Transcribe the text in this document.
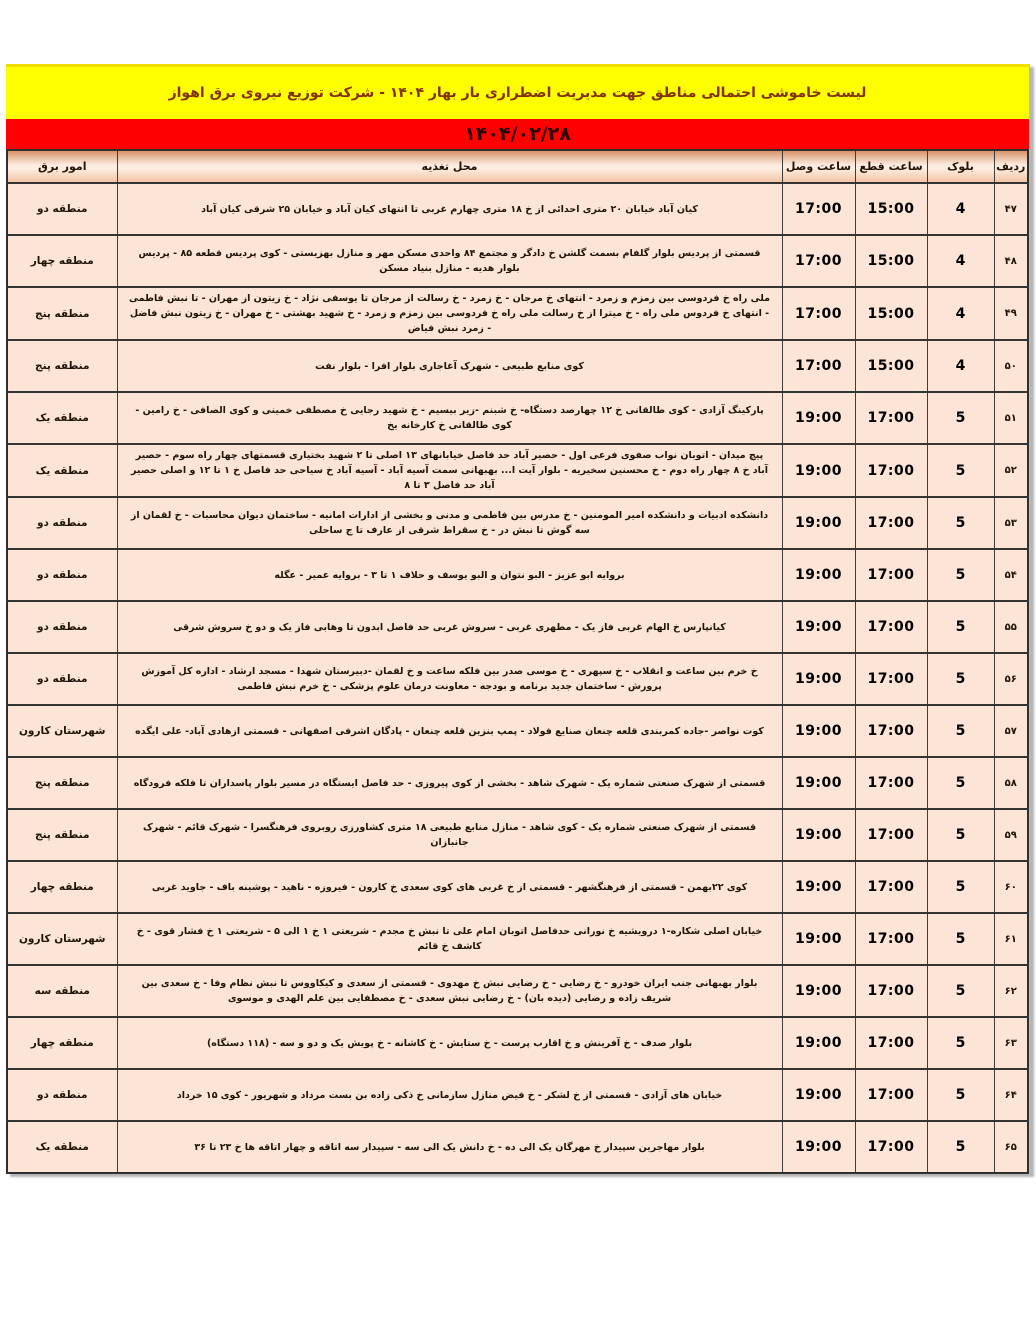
لیست خاموشی احتمالی مناطق جهت مدیریت اضطراری بار بهار ۱۴۰۴ - شرکت توزیع نیروی برق اهواز
۱۴۰۴/۰۲/۲۸
ردیف	بلوک	ساعت قطع	ساعت وصل	محل تغذیه	امور برق
۴۷	4	15:00	17:00	کیان آباد خیابان ۲۰ متری احدائی از خ ۱۸ متری چهارم غربی تا انتهای کیان آباد و خیابان ۲۵ شرقی کیان آباد	منطقه دو
۴۸	4	15:00	17:00	قسمتی از پردیس بلوار گلفام بسمت گلشن خ دادگر و مجتمع ۸۴ واحدی مسکن مهر و منازل بهزیستی - کوی پردیس قطعه ۸۵ - پردیس بلوار هدیه - منازل بنیاد مسکن	منطقه چهار
۴۹	4	15:00	17:00	ملی راه خ فردوسی بین زمزم و زمرد - انتهای خ مرجان - خ زمرد - خ رسالت از مرجان تا یوسفی نژاد - خ زیتون از مهران - تا نبش فاطمی - انتهای خ فردوس ملی راه - خ میترا از خ رسالت ملی راه خ فردوسی بین زمزم و زمرد - خ شهید بهشتی - خ مهران - خ زیتون نبش فاضل - زمرد نبش فیاض	منطقه پنج
۵۰	4	15:00	17:00	کوی منابع طبیعی - شهرک آغاجاری بلوار افرا - بلوار نفت	منطقه پنج
۵۱	5	17:00	19:00	پارکینگ آزادی - کوی طالقانی خ ۱۲ چهارصد دستگاه- خ شبنم -زیر بیسیم - خ شهید رجایی خ مصطفی خمینی و کوی الصافی - خ رامین - کوی طالقانی خ کارخانه یخ	منطقه یک
۵۲	5	17:00	19:00	پیچ میدان - اتوبان نواب صفوی فرعی اول - حصیر آباد حد فاصل خیابانهای ۱۳ اصلی تا ۲ شهید بختیاری قسمتهای چهار راه سوم - حصیر آباد خ ۸ چهار راه دوم - خ محسنین سخیریه - بلوار آیت ا... بهبهانی سمت آسیه آباد - آسیه آباد خ سیاحی حد فاصل خ ۱ تا ۱۲ و اصلی حصیر آباد حد فاصل ۳ تا ۸	منطقه یک
۵۳	5	17:00	19:00	دانشکده ادبیات و دانشکده امیر المومنین - خ مدرس بین فاطمی و مدنی و بخشی از ادارات امانیه - ساختمان دیوان محاسبات - خ لقمان از سه گوش تا نبش در - خ سقراط شرقی از عارف تا ج ساحلی	منطقه دو
۵۴	5	17:00	19:00	بروایه ابو عزیز - البو نتوان و البو یوسف و حلاف ۱ تا ۳ - بروایه عمیر - عگله	منطقه دو
۵۵	5	17:00	19:00	کیانپارس خ الهام غربی فاز یک - مطهری غربی - سروش غربی حد فاصل ابدون تا وهابی فاز یک و دو خ سروش شرقی	منطقه دو
۵۶	5	17:00	19:00	خ خرم بین ساعت و انقلاب - خ سپهری - خ موسی صدر بین فلکه ساعت و خ لقمان -دبیرستان شهدا - مسجد ارشاد - اداره کل آموزش پرورش - ساختمان جدید برنامه و بودجه - معاونت درمان علوم پزشکی - خ خرم نبش فاطمی	منطقه دو
۵۷	5	17:00	19:00	کوت نواصر -جاده کمربندی قلعه چنعان صنایع فولاد - پمپ بنزین قلعه چنعان - پادگان اشرفی اصفهانی - قسمتی ازهادی آباد- علی ایگده	شهرستان کارون
۵۸	5	17:00	19:00	قسمتی از شهرک صنعتی شماره یک - شهرک شاهد - بخشی از کوی پیروزی - حد فاصل ایستگاه در مسیر بلوار پاسداران تا فلکه فرودگاه	منطقه پنج
۵۹	5	17:00	19:00	قسمتی از شهرک صنعتی شماره یک - کوی شاهد - منازل منابع طبیعی ۱۸ متری کشاورزی روبروی فرهنگسرا - شهرک قائم - شهرک جانبازان	منطقه پنج
۶۰	5	17:00	19:00	کوی ۲۲بهمن - قسمتی از فرهنگشهر - قسمتی از خ غربی های کوی سعدی خ کارون - فیروزه - ناهید - پوشینه باف - جاوید غربی	منطقه چهار
۶۱	5	17:00	19:00	خیابان اصلی شکاره-۱ درویشیه خ نورانی حدفاصل اتوبان امام علی تا نبش خ مجدم - شریعتی ۱ خ ۱ الی ۵ - شریعتی ۱ خ فشار قوی - خ کاشف خ قائم	شهرستان کارون
۶۲	5	17:00	19:00	بلوار بهبهانی جنب ایران خودرو - خ رضایی - خ رضایی نبش خ مهدوی - قسمتی از سعدی و کیکاووس تا نبش نظام وفا - خ سعدی بین شریف زاده و رضایی (دیده بان) - خ رضایی نبش سعدی - خ مصطفایی بین علم الهدی و موسوی	منطقه سه
۶۳	5	17:00	19:00	بلوار صدف - خ آفرینش و خ اقارب پرست - خ ستایش - خ کاشانه - خ پویش یک و دو و سه - (۱۱۸ دستگاه)	منطقه چهار
۶۴	5	17:00	19:00	خیابان های آزادی - قسمتی از خ لشکر - خ فیض منازل سازمانی خ ذکی زاده بن بست مرداد و شهریور - کوی ۱۵ خرداد	منطقه دو
۶۵	5	17:00	19:00	بلوار مهاجرین سپیدار خ مهرگان یک الی ده - خ دانش یک الی سه - سپیدار سه اتاقه و چهار اتاقه ها خ ۲۳ تا ۳۶	منطقه یک
